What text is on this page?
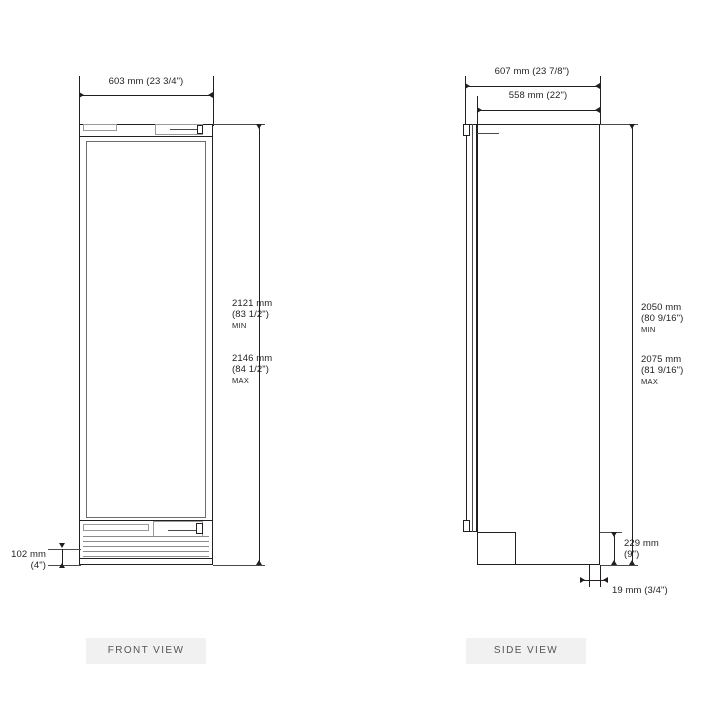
603 mm (23 3/4")
2121 mm
(83 1/2")
MIN
2146 mm
(84 1/2")
MAX
102 mm
(4")
FRONT VIEW
607 mm (23 7/8")
558 mm (22")
2050 mm
(80 9/16")
MIN
2075 mm
(81 9/16")
MAX
229 mm
(9")
19 mm (3/4")
SIDE VIEW
